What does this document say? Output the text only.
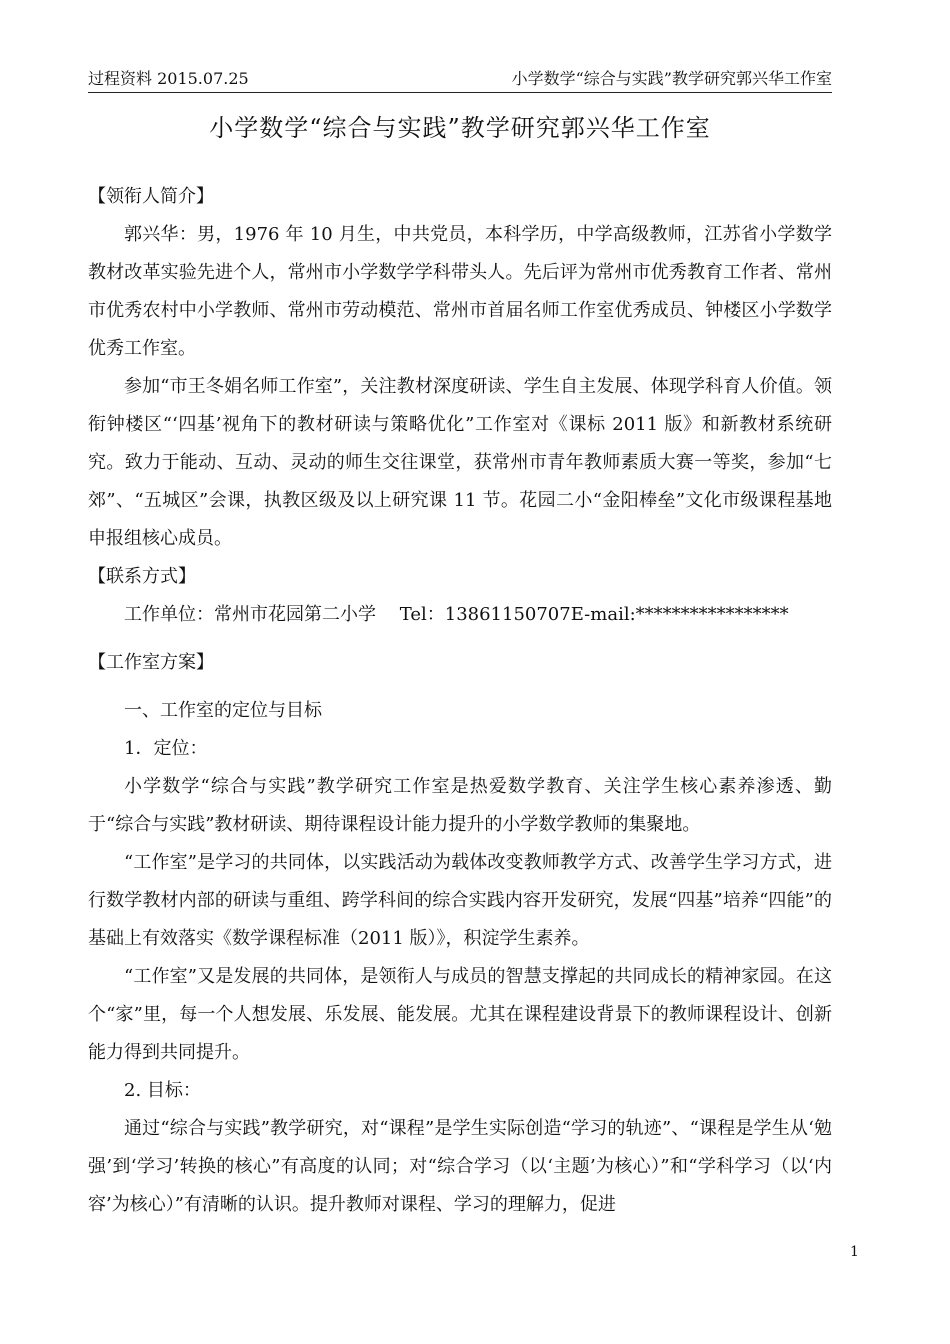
过程资料 2015.07.25	小学数学“综合与实践”教学研究郭兴华工作室
小学数学“综合与实践”教学研究郭兴华工作室

【领衔人简介】

郭兴华：男，1976 年 10 月生，中共党员，本科学历，中学高级教师，江苏省小学数学教材改革实验先进个人，常州市小学数学学科带头人。先后评为常州市优秀教育工作者、常州市优秀农村中小学教师、常州市劳动模范、常州市首届名师工作室优秀成员、钟楼区小学数学优秀工作室。

参加“市王冬娟名师工作室”，关注教材深度研读、学生自主发展、体现学科育人价值。领衔钟楼区“‘四基’视角下的教材研读与策略优化”工作室对《课标 2011 版》和新教材系统研究。致力于能动、互动、灵动的师生交往课堂，获常州市青年教师素质大赛一等奖，参加“七郊”、“五城区”会课，执教区级及以上研究课 11 节。花园二小“金阳棒垒”文化市级课程基地申报组核心成员。

【联系方式】

工作单位：常州市花园第二小学　 Tel：13861150707E-mail:*****************

【工作室方案】

一、工作室的定位与目标

1．定位：

小学数学“综合与实践”教学研究工作室是热爱数学教育、关注学生核心素养渗透、勤于“综合与实践”教材研读、期待课程设计能力提升的小学数学教师的集聚地。

“工作室”是学习的共同体，以实践活动为载体改变教师教学方式、改善学生学习方式，进行数学教材内部的研读与重组、跨学科间的综合实践内容开发研究，发展“四基”培养“四能”的基础上有效落实《数学课程标准（2011 版）》，积淀学生素养。

“工作室”又是发展的共同体，是领衔人与成员的智慧支撑起的共同成长的精神家园。在这个“家”里，每一个人想发展、乐发展、能发展。尤其在课程建设背景下的教师课程设计、创新能力得到共同提升。

2. 目标：

通过“综合与实践”教学研究，对“课程”是学生实际创造“学习的轨迹”、“课程是学生从‘勉强’到‘学习’转换的核心”有高度的认同；对“综合学习（以‘主题’为核心）”和“学科学习（以‘内容’为核心）”有清晰的认识。提升教师对课程、学习的理解力，促进

1
